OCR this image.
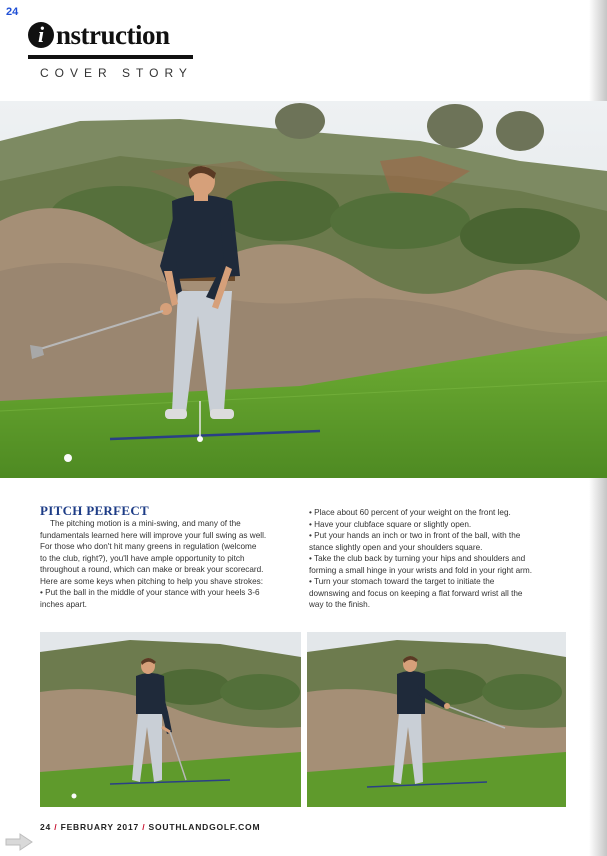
24
i nstruction
COVER STORY
PITCH PERFECT

The pitching motion is a mini-swing, and many of the

fundamentals learned here will improve your full swing as well.

For those who don't hit many greens in regulation (welcome

to the club, right?), you'll have ample opportunity to pitch

throughout a round, which can make or break your scorecard.

Here are some keys when pitching to help you shave strokes:

• Put the ball in the middle of your stance with your heels 3-6

inches apart.

• Place about 60 percent of your weight on the front leg.

• Have your clubface square or slightly open.

• Put your hands an inch or two in front of the ball, with the

stance slightly open and your shoulders square.

• Take the club back by turning your hips and shoulders and

forming a small hinge in your wrists and fold in your right arm.

• Turn your stomach toward the target to initiate the

downswing and focus on keeping a flat forward wrist all the

way to the finish.

24 / FEBRUARY 2017 / SOUTHLANDGOLF.COM
